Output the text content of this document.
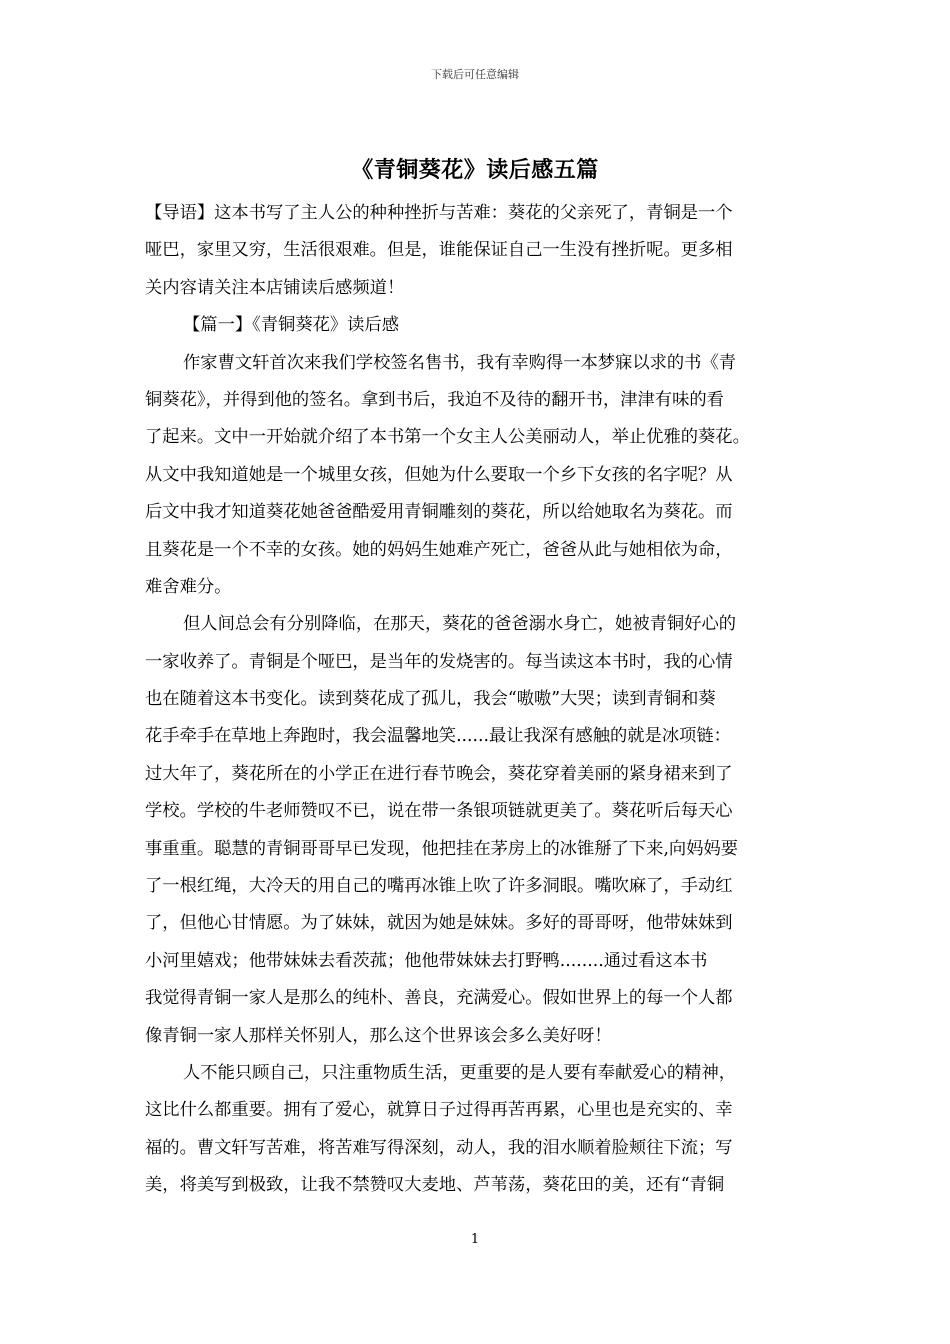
下载后可任意编辑
《青铜葵花》读后感五篇
【导语】这本书写了主人公的种种挫折与苦难：葵花的父亲死了，青铜是一个
哑巴，家里又穷，生活很艰难。但是，谁能保证自己一生没有挫折呢。更多相
关内容请关注本店铺读后感频道！
【篇一】《青铜葵花》读后感
作家曹文轩首次来我们学校签名售书，我有幸购得一本梦寐以求的书《青
铜葵花》，并得到他的签名。拿到书后，我迫不及待的翻开书，津津有味的看
了起来。文中一开始就介绍了本书第一个女主人公美丽动人，举止优雅的葵花。
从文中我知道她是一个城里女孩，但她为什么要取一个乡下女孩的名字呢？从
后文中我才知道葵花她爸爸酷爱用青铜雕刻的葵花，所以给她取名为葵花。而
且葵花是一个不幸的女孩。她的妈妈生她难产死亡，爸爸从此与她相依为命，
难舍难分。
但人间总会有分别降临，在那天，葵花的爸爸溺水身亡，她被青铜好心的
一家收养了。青铜是个哑巴，是当年的发烧害的。每当读这本书时，我的心情
也在随着这本书变化。读到葵花成了孤儿，我会“嗷嗷”大哭；读到青铜和葵
花手牵手在草地上奔跑时，我会温馨地笑......最让我深有感触的就是冰项链：
过大年了，葵花所在的小学正在进行春节晚会，葵花穿着美丽的紧身裙来到了
学校。学校的牛老师赞叹不已，说在带一条银项链就更美了。葵花听后每天心
事重重。聪慧的青铜哥哥早已发现，他把挂在茅房上的冰锥掰了下来,向妈妈要
了一根红绳，大冷天的用自己的嘴再冰锥上吹了许多洞眼。嘴吹麻了，手动红
了，但他心甘情愿。为了妹妹，就因为她是妹妹。多好的哥哥呀，他带妹妹到
小河里嬉戏；他带妹妹去看茨菰；他他带妹妹去打野鸭........通过看这本书
我觉得青铜一家人是那么的纯朴、善良，充满爱心。假如世界上的每一个人都
像青铜一家人那样关怀别人，那么这个世界该会多么美好呀！
人不能只顾自己，只注重物质生活，更重要的是人要有奉献爱心的精神，
这比什么都重要。拥有了爱心，就算日子过得再苦再累，心里也是充实的、幸
福的。曹文轩写苦难，将苦难写得深刻，动人，我的泪水顺着脸颊往下流；写
美，将美写到极致，让我不禁赞叹大麦地、芦苇荡，葵花田的美，还有“青铜
1
